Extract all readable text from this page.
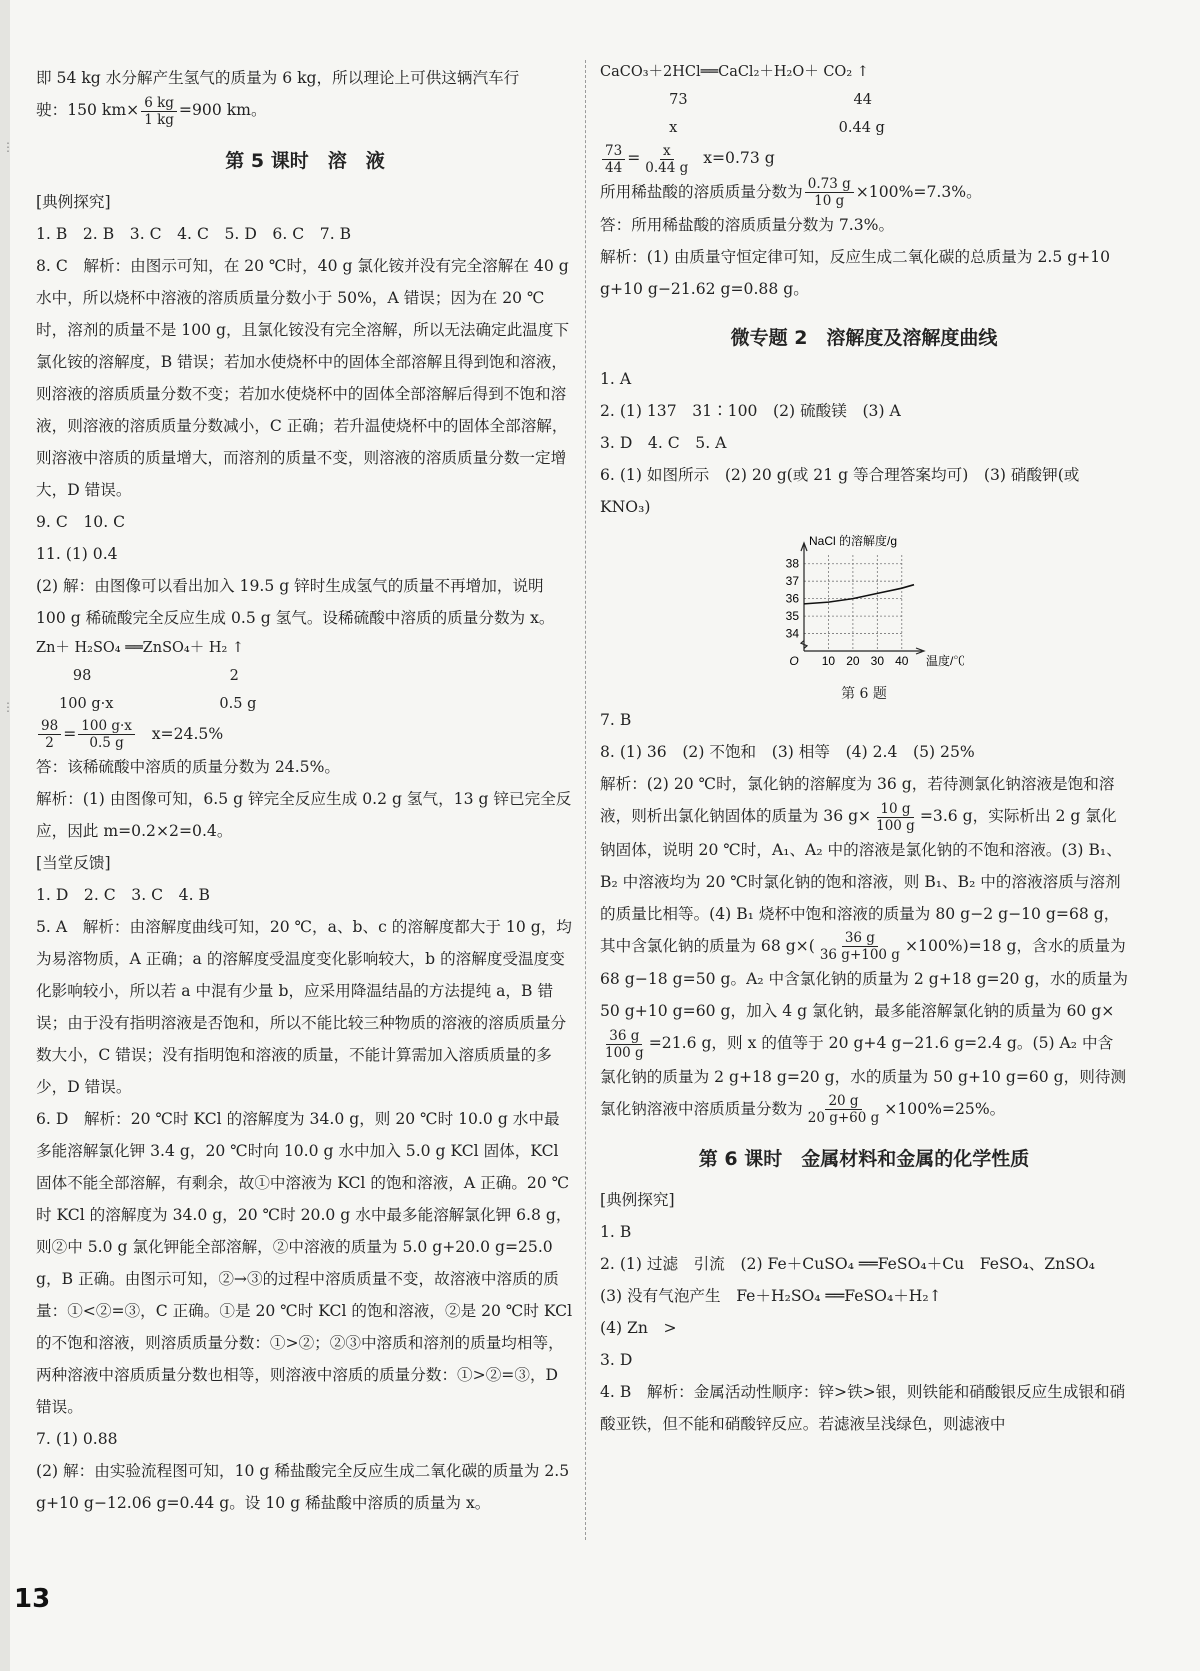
⋮
⋮

即 54 kg 水分解产生氢气的质量为 6 kg，所以理论上可供这辆汽车行

驶：150 $km\times \frac{6 kg}{1 kg} =900$ km。

第 5 课时　溶　液

[典例探究]

1. B　2. B　3. C　4. C　5. D　6. C　7. B

8. C　解析：由图示可知，在 20 ℃时，40 g 氯化铵并没有完全溶解在 40 g 水中，所以烧杯中溶液的溶质质量分数小于 50%，A 错误；因为在 20 ℃时，溶剂的质量不是 100 g，且氯化铵没有完全溶解，所以无法确定此温度下氯化铵的溶解度，B 错误；若加水使烧杯中的固体全部溶解且得到饱和溶液，则溶液的溶质质量分数不变；若加水使烧杯中的固体全部溶解后得到不饱和溶液，则溶液的溶质质量分数减小，C 正确；若升温使烧杯中的固体全部溶解，则溶液中溶质的质量增大，而溶剂的质量不变，则溶液的溶质质量分数一定增大，D 错误。

9. C　10. C

11. (1) 0.4

(2) 解：由图像可以看出加入 19.5 g 锌时生成氢气的质量不再增加，说明 100 g 稀硫酸完全反应生成 0.5 g 氢气。设稀硫酸中溶质的质量分数为 x。

Zn＋ H₂SO₄ ══ZnSO₄＋ H₂ ↑

98                              2

100 g·x                       0.5 g

$\frac{98}{2} = \frac{100 g\cdot x}{0.5 g} x=24.5\%$

答：该稀硫酸中溶质的质量分数为 24.5%。

解析：(1) 由图像可知，6.5 g 锌完全反应生成 0.2 g 氢气，13 g 锌已完全反应，因此 m=0.2×2=0.4。

[当堂反馈]

1. D　2. C　3. C　4. B

5. A　解析：由溶解度曲线可知，20 ℃，a、b、c 的溶解度都大于 10 g，均为易溶物质，A 正确；a 的溶解度受温度变化影响较大，b 的溶解度受温度变化影响较小，所以若 a 中混有少量 b，应采用降温结晶的方法提纯 a，B 错误；由于没有指明溶液是否饱和，所以不能比较三种物质的溶液的溶质质量分数大小，C 错误；没有指明饱和溶液的质量，不能计算需加入溶质质量的多少，D 错误。

6. D　解析：20 ℃时 KCl 的溶解度为 34.0 g，则 20 ℃时 10.0 g 水中最多能溶解氯化钾 3.4 g，20 ℃时向 10.0 g 水中加入 5.0 g KCl 固体，KCl 固体不能全部溶解，有剩余，故①中溶液为 KCl 的饱和溶液，A 正确。20 ℃时 KCl 的溶解度为 34.0 g，20 ℃时 20.0 g 水中最多能溶解氯化钾 6.8 g，则②中 5.0 g 氯化钾能全部溶解，②中溶液的质量为 5.0 g+20.0 g=25.0 g，B 正确。由图示可知，②→③的过程中溶质质量不变，故溶液中溶质的质量：①<②=③，C 正确。①是 20 ℃时 KCl 的饱和溶液，②是 20 ℃时 KCl 的不饱和溶液，则溶质质量分数：①>②；②③中溶质和溶剂的质量均相等，两种溶液中溶质质量分数也相等，则溶液中溶质的质量分数：①>②=③，D 错误。

7. (1) 0.88

(2) 解：由实验流程图可知，10 g 稀盐酸完全反应生成二氧化碳的质量为 2.5 g+10 g−12.06 g=0.44 g。设 10 g 稀盐酸中溶质的质量为 x。

CaCO₃＋2HCl══CaCl₂＋H₂O＋ CO₂ ↑

73                                    44

x                                   0.44 g

$\frac{73}{44} = \frac{x}{0.44 g} x=0.73$ g

所用稀盐酸的溶质质量分数为 $\frac{0.73 g}{10 g} \times 100\%=7.3\%$。

答：所用稀盐酸的溶质质量分数为 7.3%。

解析：(1) 由质量守恒定律可知，反应生成二氧化碳的总质量为 2.5 g+10 g+10 g−21.62 g=0.88 g。

微专题 2　溶解度及溶解度曲线

1. A

2. (1) 137　31∶100　(2) 硫酸镁　(3) A

3. D　4. C　5. A

6. (1) 如图所示　(2) 20 g(或 21 g 等合理答案均可)　(3) 硝酸钾(或 KNO₃)

10 20 30 40
34
35
36
37
38
O
NaCl 的溶解度/g
温度/℃
第 6 题

7. B

8. (1) 36　(2) 不饱和　(3) 相等　(4) 2.4　(5) 25%

解析：(2) 20 ℃时，氯化钠的溶解度为 36 g，若待测氯化钠溶液是饱和溶液，则析出氯化钠固体的质量为 36 $g\times \frac{10 g}{100 g} =3.6$ g，实际析出 2 g 氯化钠固体，说明 20 ℃时，A₁、A₂ 中的溶液是氯化钠的不饱和溶液。(3) B₁、B₂ 中溶液均为 20 ℃时氯化钠的饱和溶液，则 B₁、B₂ 中的溶液溶质与溶剂的质量比相等。(4) B₁ 烧杯中饱和溶液的质量为 80 g−2 g−10 g=68 g，其中含氯化钠的质量为 68 $g\times( \frac{36 g}{36 g+100 g} \times 100\%)=18$ g，含水的质量为 68 g−18 g=50 g。A₂ 中含氯化钠的质量为 2 g+18 g=20 g，水的质量为 50 g+10 g=60 g，加入 4 g 氯化钠，最多能溶解氯化钠的质量为 60 g×
$\frac{36 g}{100 g} =21.6$ g，则 x 的值等于 20 g+4 g−21.6 g=2.4 g。(5) A₂ 中含氯化钠的质量为 2 g+18 g=20 g，水的质量为 50 g+10 g=60 g，则待测氯化钠溶液中溶质质量分数为 $\frac{20 g}{20 g+60 g} \times 100\%=25\%$。

第 6 课时　金属材料和金属的化学性质

[典例探究]

1. B

2. (1) 过滤　引流　(2) Fe＋CuSO₄ ══FeSO₄＋Cu　FeSO₄、ZnSO₄　(3) 没有气泡产生　Fe＋H₂SO₄ ══FeSO₄＋H₂↑

(4) Zn　>

3. D

4. B　解析：金属活动性顺序：锌>铁>银，则铁能和硝酸银反应生成银和硝酸亚铁，但不能和硝酸锌反应。若滤液呈浅绿色，则滤液中

13
